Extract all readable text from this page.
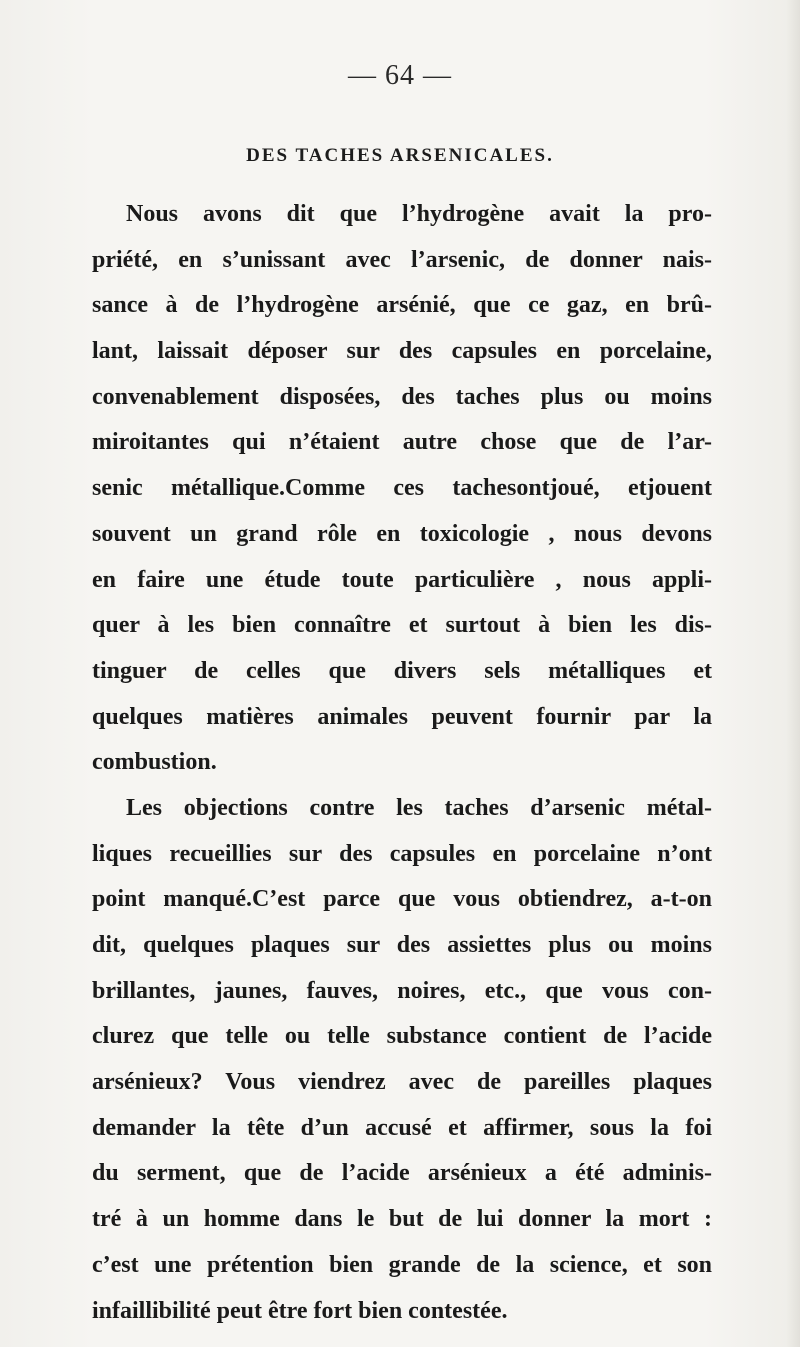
— 64 —
DES TACHES ARSENICALES.
Nous avons dit que l’hydrogène avait la pro-
priété, en s’unissant avec l’arsenic, de donner nais-
sance à de l’hydrogène arsénié, que ce gaz, en brû-
lant, laissait déposer sur des capsules en porcelaine,
convenablement disposées, des taches plus ou moins
miroitantes qui n’étaient autre chose que de l’ar-
senic métallique.Comme ces tachesontjoué, etjouent
souvent un grand rôle en toxicologie , nous devons
en faire une étude toute particulière , nous appli-
quer à les bien connaître et surtout à bien les dis-
tinguer de celles que divers sels métalliques et
quelques matières animales peuvent fournir par la
combustion.
Les objections contre les taches d’arsenic métal-
liques recueillies sur des capsules en porcelaine n’ont
point manqué.C’est parce que vous obtiendrez, a-t-on
dit, quelques plaques sur des assiettes plus ou moins
brillantes, jaunes, fauves, noires, etc., que vous con-
clurez que telle ou telle substance contient de l’acide
arsénieux? Vous viendrez avec de pareilles plaques
demander la tête d’un accusé et affirmer, sous la foi
du serment, que de l’acide arsénieux a été adminis-
tré à un homme dans le but de lui donner la mort :
c’est une prétention bien grande de la science, et son
infaillibilité peut être fort bien contestée.
